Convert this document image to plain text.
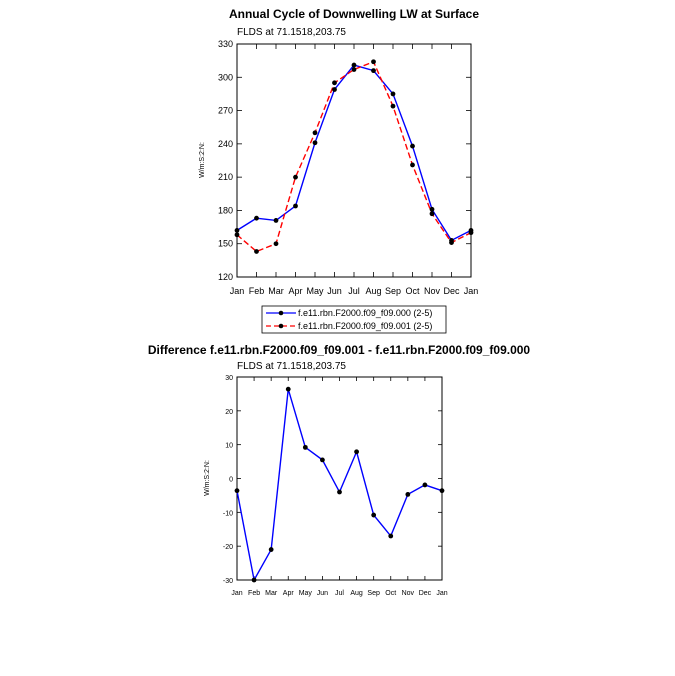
Annual Cycle of Downwelling LW at Surface
FLDS at 71.1518,203.75
W/m:S:2:N:
120
150
180
210
240
270
300
330
Jan Feb Mar Apr May Jun Jul Aug Sep Oct Nov Dec Jan
f.e11.rbn.F2000.f09_f09.000 (2-5)
f.e11.rbn.F2000.f09_f09.001 (2-5)
Difference f.e11.rbn.F2000.f09_f09.001 - f.e11.rbn.F2000.f09_f09.000
FLDS at 71.1518,203.75
W/m:S:2:N:
-30
-20
-10
0
10
20
30
Jan Feb Mar Apr May Jun Jul Aug Sep Oct Nov Dec Jan
